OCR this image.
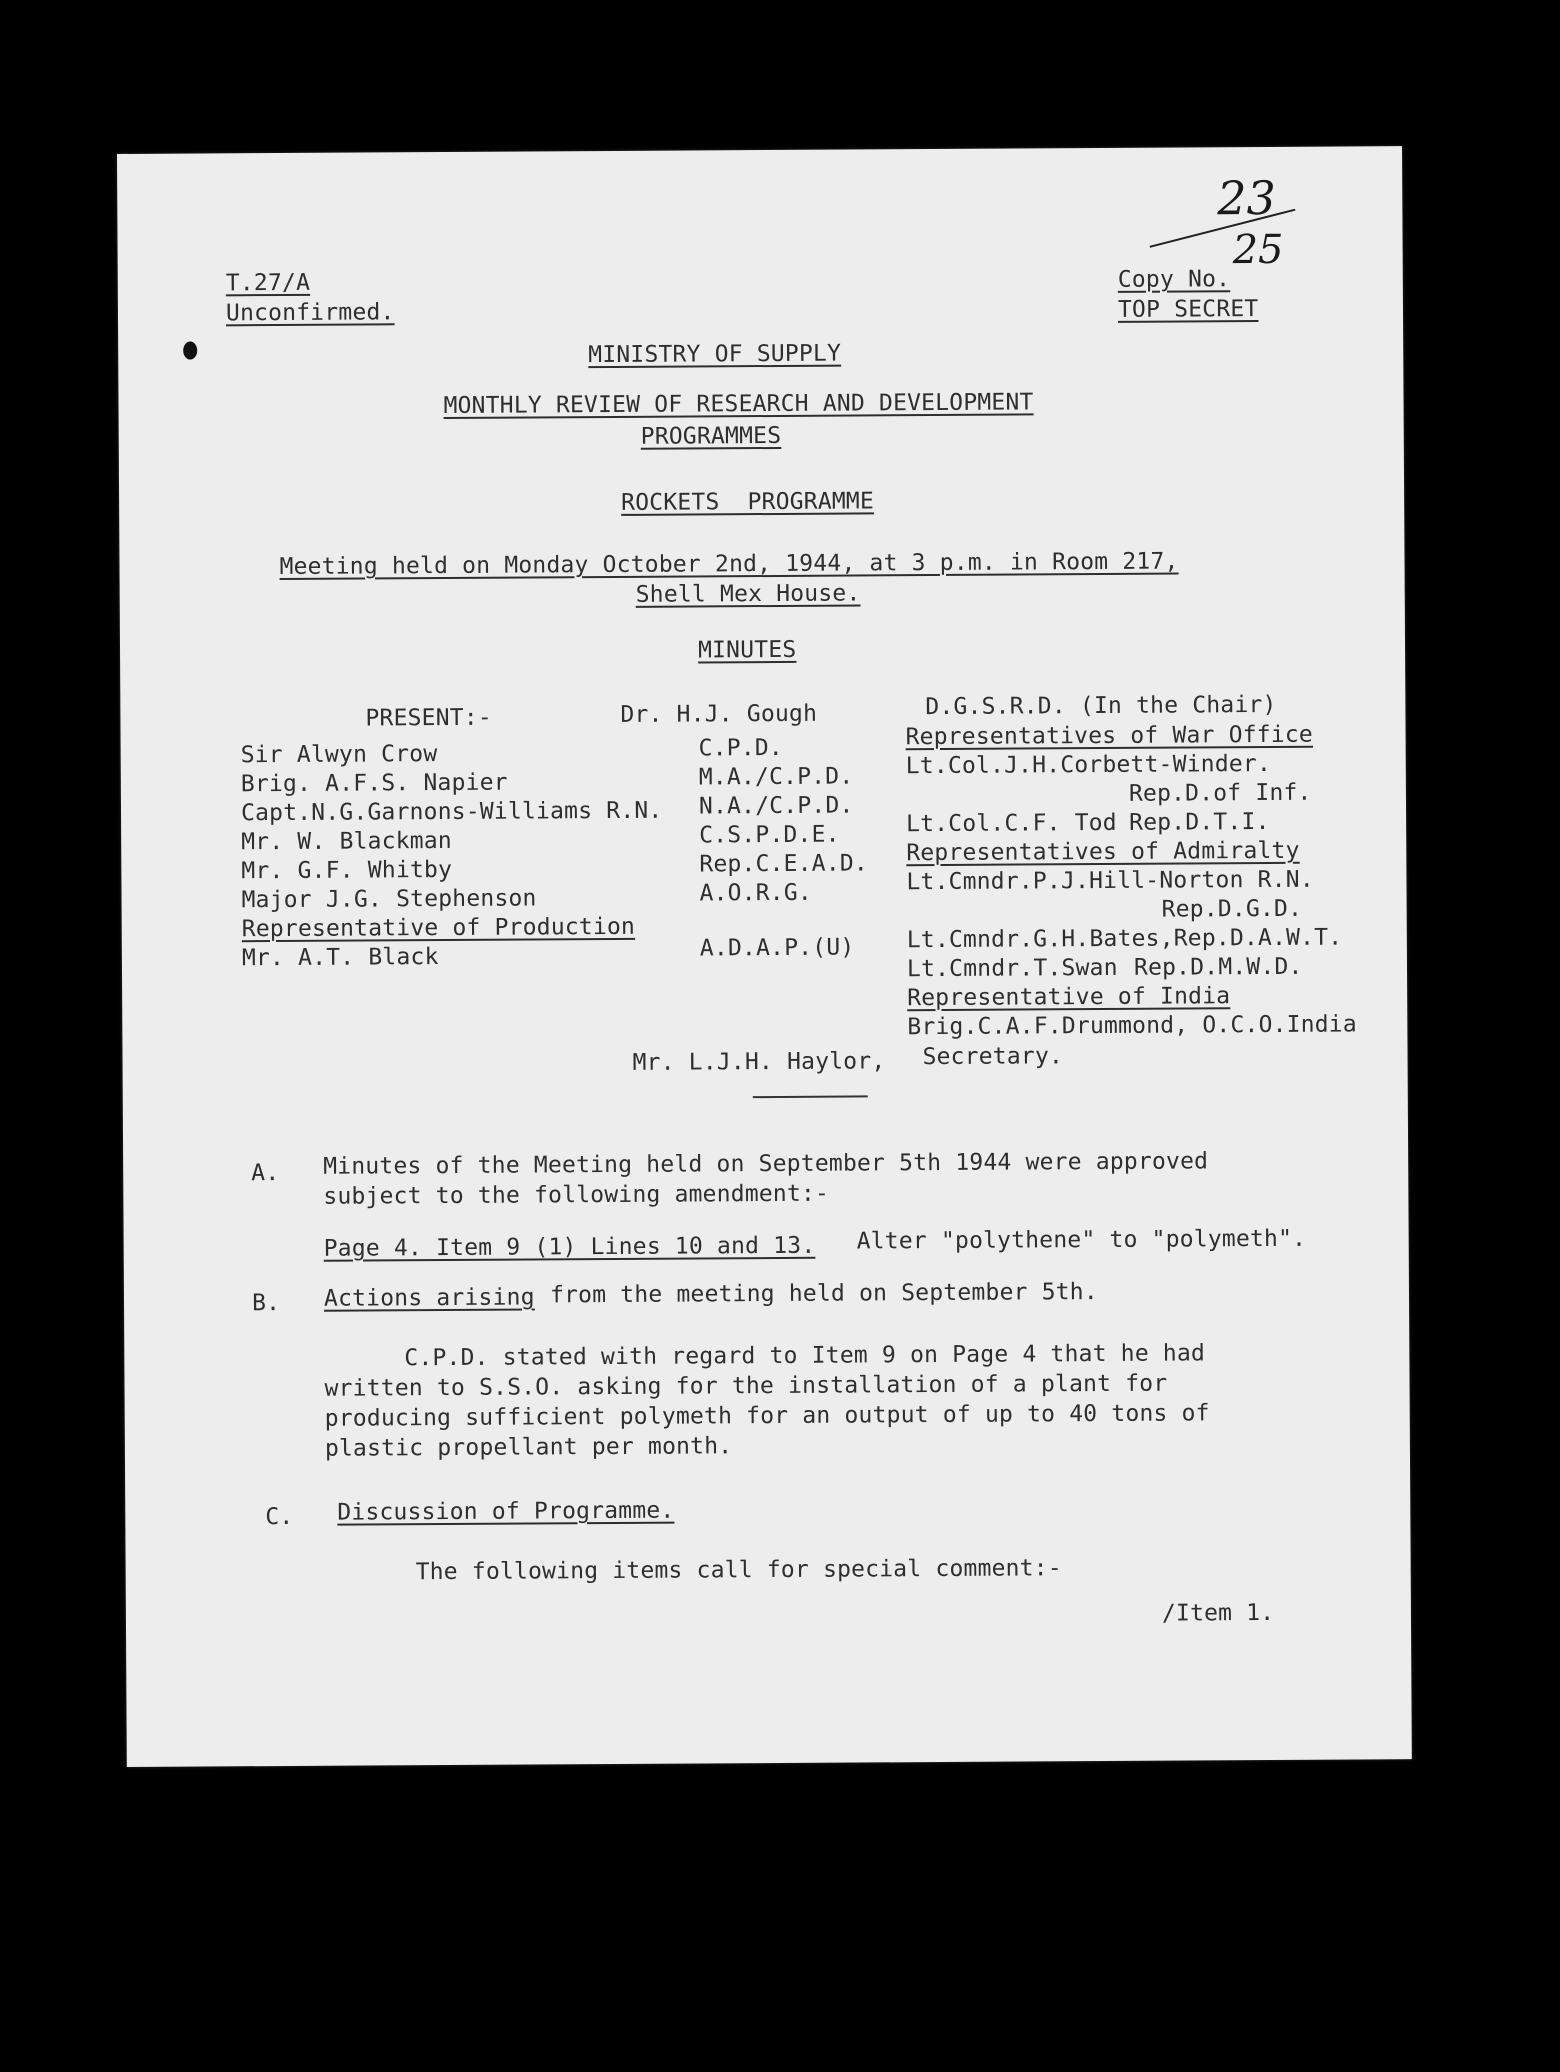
23
25
T.27/A
Unconfirmed.
Copy No.
TOP SECRET
MINISTRY OF SUPPLY
MONTHLY REVIEW OF RESEARCH AND DEVELOPMENT
PROGRAMMES
ROCKETS  PROGRAMME
Meeting held on Monday October 2nd, 1944, at 3 p.m. in Room 217,
Shell Mex House.
MINUTES
PRESENT:-	Dr. H.J. Gough	D.G.S.R.D. (In the Chair)
Sir Alwyn Crow
Brig. A.F.S. Napier
Capt.N.G.Garnons-Williams R.N.
Mr. W. Blackman
Mr. G.F. Whitby
Major J.G. Stephenson
Representative of Production
Mr. A.T. Black
C.P.D.
M.A./C.P.D.
N.A./C.P.D.
C.S.P.D.E.
Rep.C.E.A.D.
A.O.R.G.
A.D.A.P.(U)
Representatives of War Office
Lt.Col.J.H.Corbett-Winder.
Rep.D.of Inf.
Lt.Col.C.F. Tod Rep.D.T.I.
Representatives of Admiralty
Lt.Cmndr.P.J.Hill-Norton R.N.
Rep.D.G.D.
Lt.Cmndr.G.H.Bates,Rep.D.A.W.T.
Lt.Cmndr.T.Swan Rep.D.M.W.D.
Representative of India
Brig.C.A.F.Drummond, O.C.O.India
Mr. L.J.H. Haylor, Secretary.
A. Minutes of the Meeting held on September 5th 1944 were approved
subject to the following amendment:-
Page 4. Item 9 (1) Lines 10 and 13. Alter "polythene" to "polymeth".
B. Actions arising from the meeting held on September 5th.
C.P.D. stated with regard to Item 9 on Page 4 that he had
written to S.S.O. asking for the installation of a plant for
producing sufficient polymeth for an output of up to 40 tons of
plastic propellant per month.
C. Discussion of Programme.
The following items call for special comment:-
/Item 1.
